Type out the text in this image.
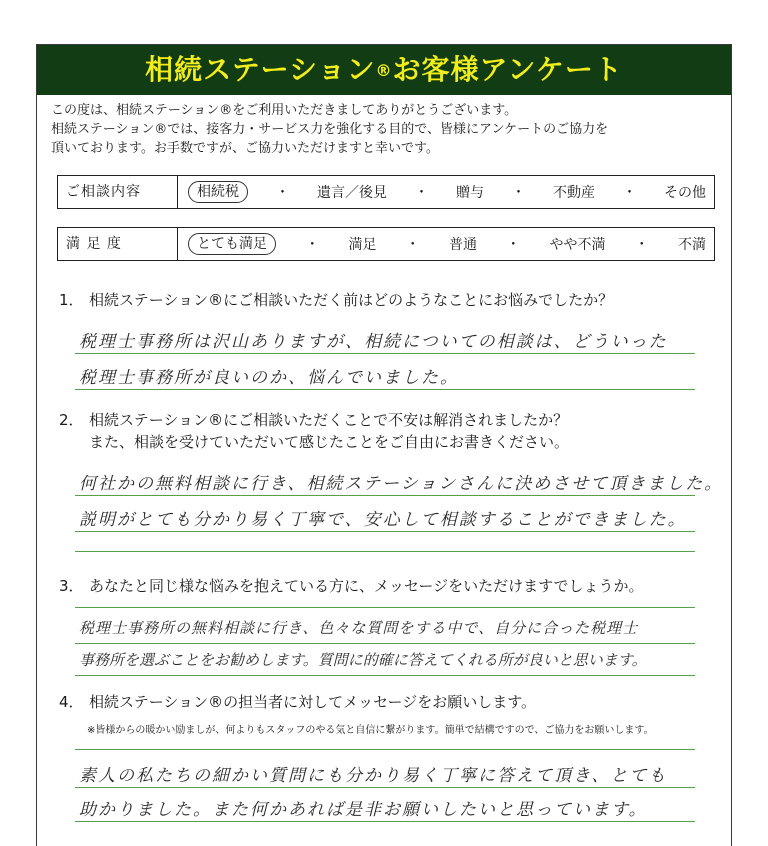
相続ステーション®お客様アンケート

この度は、相続ステーション®をご利用いただきましてありがとうございます。

相続ステーション®では、接客力・サービス力を強化する目的で、皆様にアンケートのご協力を

頂いております。お手数ですが、ご協力いただけますと幸いです。

ご相談内容	相続税	・ 遺言／後見 ・ 贈与 ・ 不動産 ・ その他
満 足 度	とても満足	・ 満足 ・ 普通 ・ やや不満 ・ 不満

1． 相続ステーション®にご相談いただく前はどのようなことにお悩みでしたか？

税理士事務所は沢山ありますが、相続についての相談は、どういった
税理士事務所が良いのか、悩んでいました。

2． 相続ステーション®にご相談いただくことで不安は解消されましたか？

また、相談を受けていただいて感じたことをご自由にお書きください。

何社かの無料相談に行き、相続ステーションさんに決めさせて頂きました。
説明がとても分かり易く丁寧で、安心して相談することができました。

3． あなたと同じ様な悩みを抱えている方に、メッセージをいただけますでしょうか。

税理士事務所の無料相談に行き、色々な質問をする中で、自分に合った税理士
事務所を選ぶことをお勧めします。質問に的確に答えてくれる所が良いと思います。

4． 相続ステーション®の担当者に対してメッセージをお願いします。

※皆様からの暖かい励ましが、何よりもスタッフのやる気と自信に繋がります。簡単で結構ですので、ご協力をお願いします。
素人の私たちの細かい質問にも分かり易く丁寧に答えて頂き、とても
助かりました。また何かあれば是非お願いしたいと思っています。
